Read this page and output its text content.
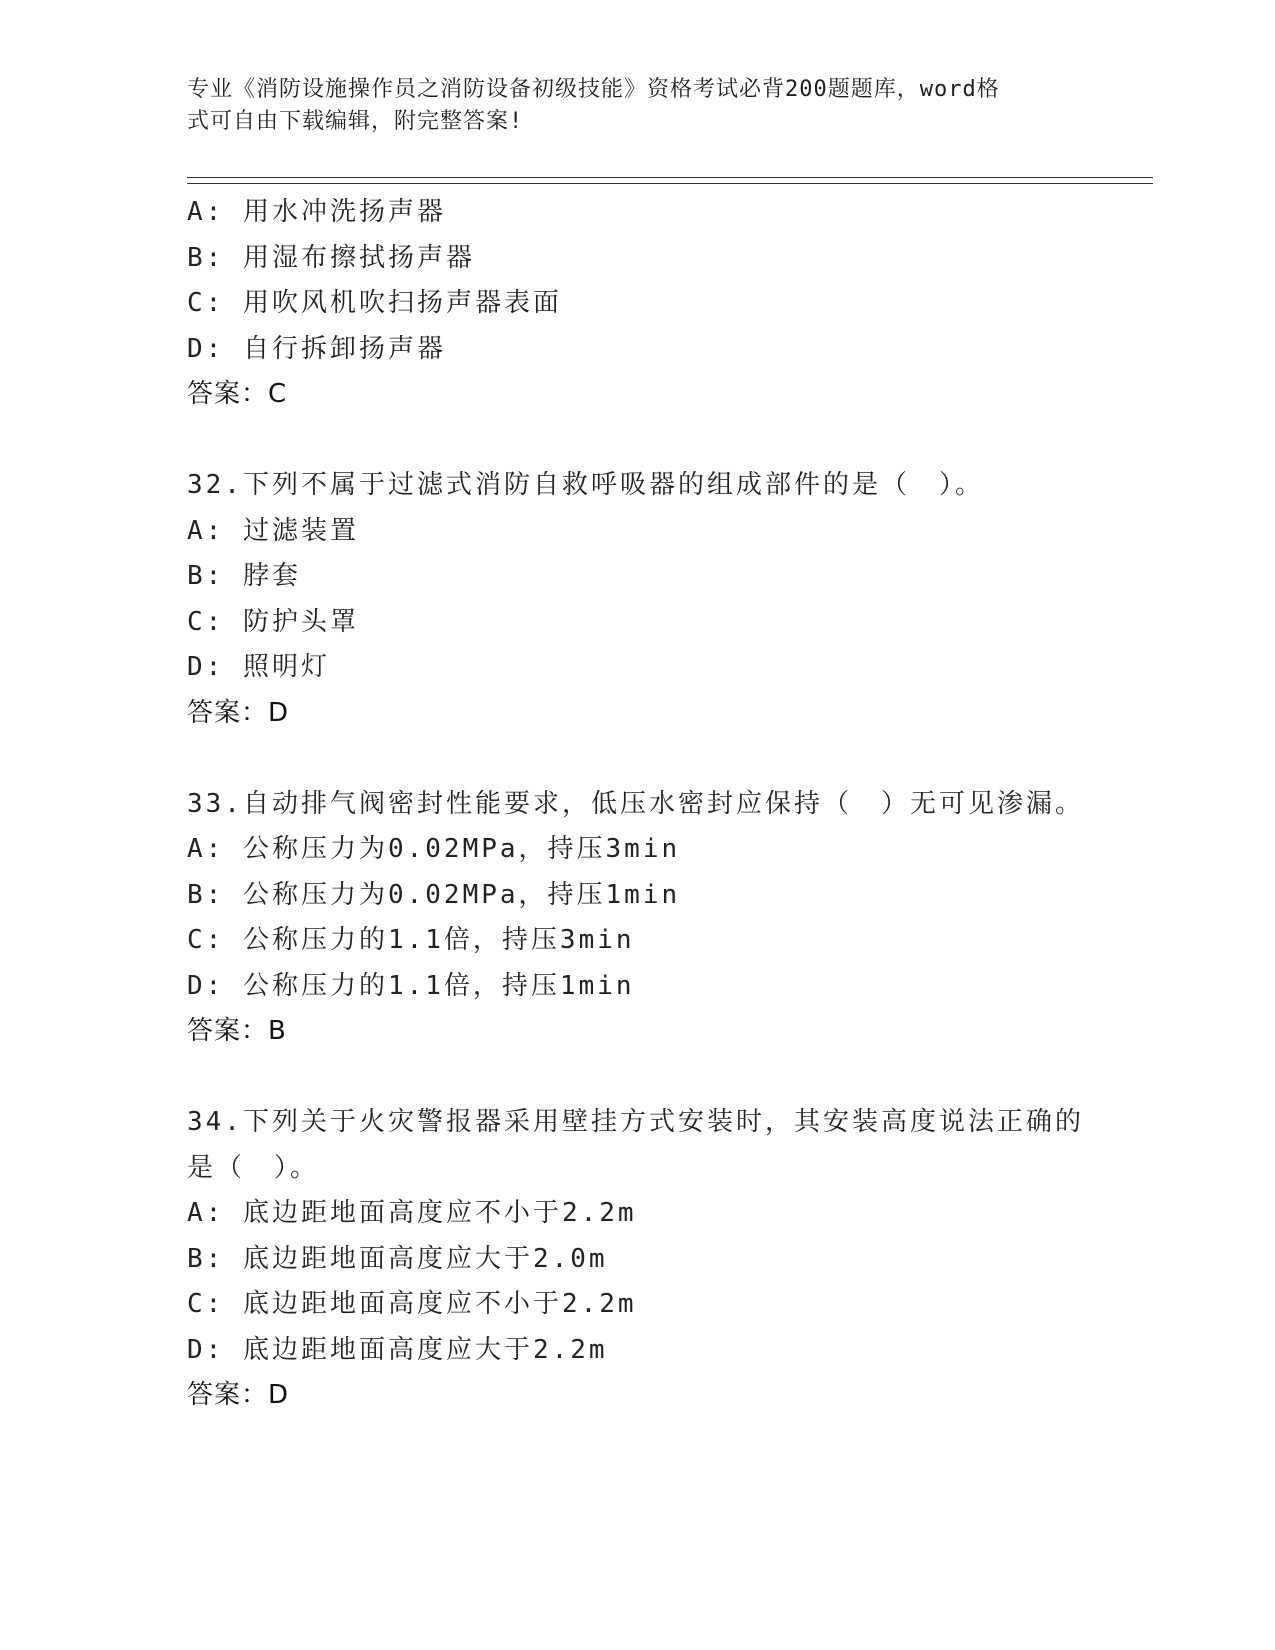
专业《消防设施操作员之消防设备初级技能》资格考试必背200题题库，word格
式可自由下载编辑，附完整答案!
A: 用水冲洗扬声器
B: 用湿布擦拭扬声器
C: 用吹风机吹扫扬声器表面
D: 自行拆卸扬声器
答案：C
32.下列不属于过滤式消防自救呼吸器的组成部件的是（　）。
A: 过滤装置
B: 脖套
C: 防护头罩
D: 照明灯
答案：D
33.自动排气阀密封性能要求，低压水密封应保持（　）无可见渗漏。
A: 公称压力为0.02MPa，持压3min
B: 公称压力为0.02MPa，持压1min
C: 公称压力的1.1倍，持压3min
D: 公称压力的1.1倍，持压1min
答案：B
34.下列关于火灾警报器采用壁挂方式安装时，其安装高度说法正确的
是（　）。
A: 底边距地面高度应不小于2.2m
B: 底边距地面高度应大于2.0m
C: 底边距地面高度应不小于2.2m
D: 底边距地面高度应大于2.2m
答案：D
